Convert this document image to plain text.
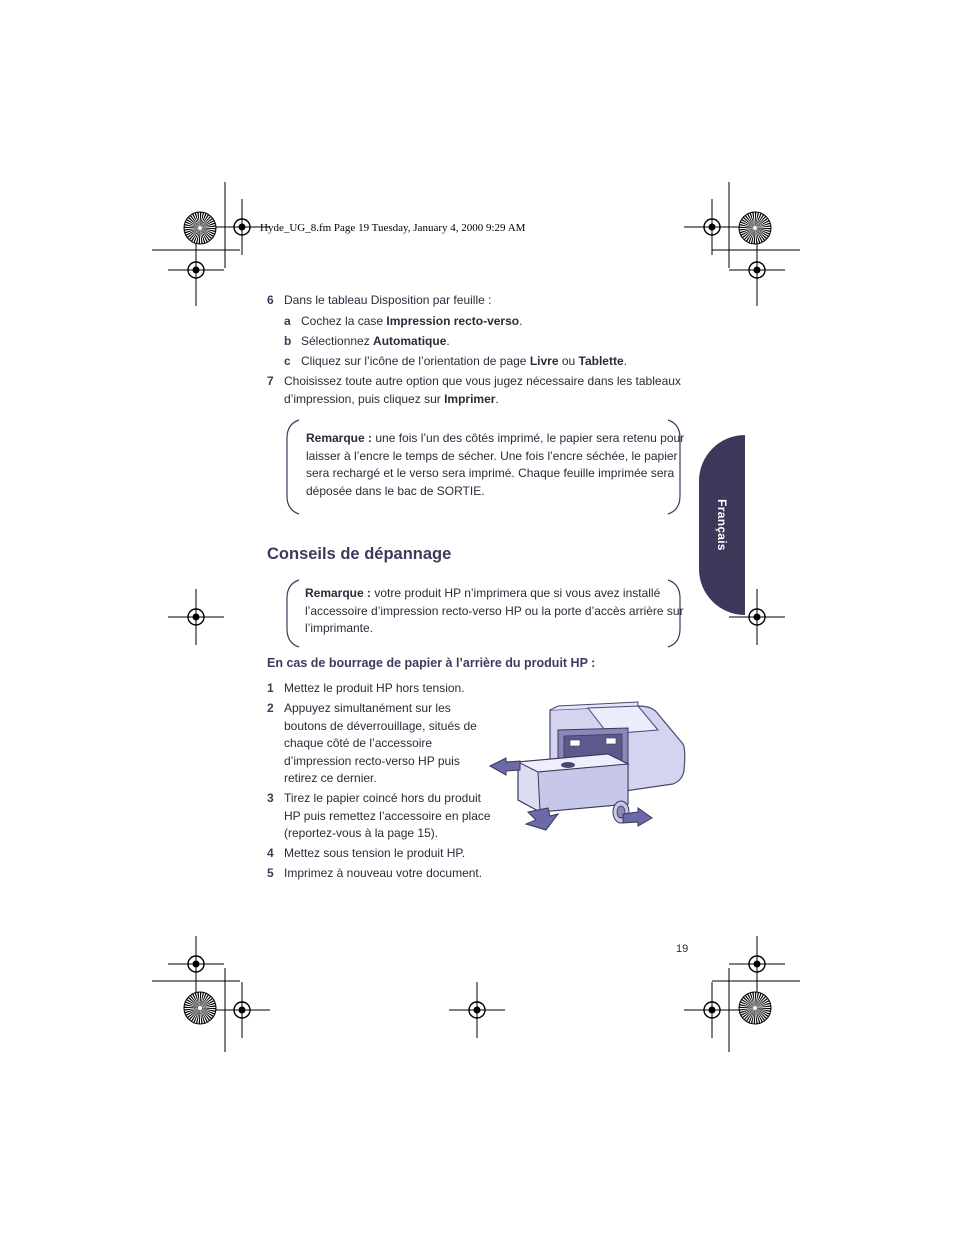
Hyde_UG_8.fm Page 19 Tuesday, January 4, 2000 9:29 AM
6 Dans le tableau Disposition par feuille :
a Cochez la case Impression recto-verso.
b Sélectionnez Automatique.
c Cliquez sur l’icône de l’orientation de page Livre ou Tablette.
7 Choisissez toute autre option que vous jugez nécessaire dans les tableaux
d’impression, puis cliquez sur Imprimer.

Remarque : une fois l’un des côtés imprimé, le papier sera retenu pour

laisser à l’encre le temps de sécher. Une fois l’encre séchée, le papier

sera rechargé et le verso sera imprimé. Chaque feuille imprimée sera

déposée dans le bac de SORTIE.

Conseils de dépannage

Remarque : votre produit HP n’imprimera que si vous avez installé

l’accessoire d’impression recto-verso HP ou la porte d’accès arrière sur

l’imprimante.

En cas de bourrage de papier à l’arrière du produit HP :
1 Mettez le produit HP hors tension.
2 Appuyez simultanément sur les
boutons de déverrouillage, situés de
chaque côté de l’accessoire
d’impression recto-verso HP puis
retirez ce dernier.
3 Tirez le papier coincé hors du produit
HP puis remettez l’accessoire en place
(reportez-vous à la page 15).
4 Mettez sous tension le produit HP.
5 Imprimez à nouveau votre document.
Français
19
